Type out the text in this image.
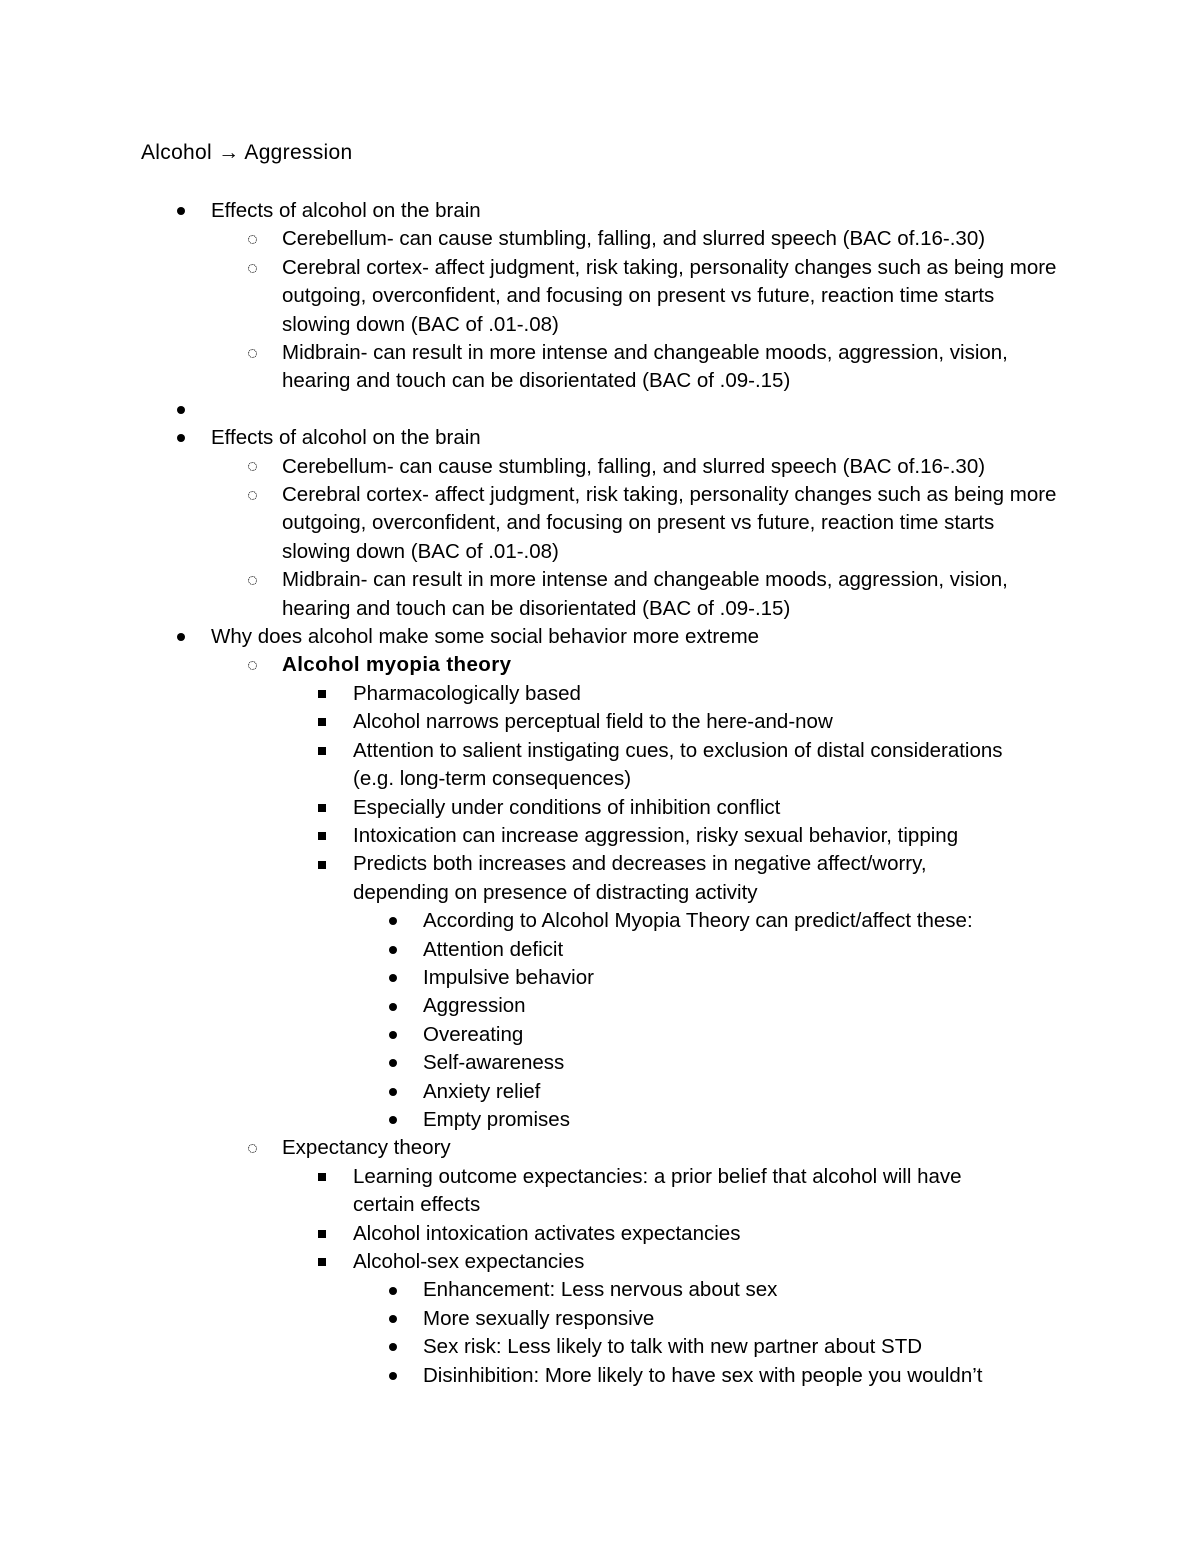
Alcohol → Aggression
Effects of alcohol on the brain
Cerebellum- can cause stumbling, falling, and slurred speech (BAC of.16-.30)
Cerebral cortex- affect judgment, risk taking, personality changes such as being more outgoing, overconfident, and focusing on present vs future, reaction time starts slowing down (BAC of .01-.08)
Midbrain- can result in more intense and changeable moods, aggression, vision, hearing and touch can be disorientated (BAC of .09-.15)
Effects of alcohol on the brain
Cerebellum- can cause stumbling, falling, and slurred speech (BAC of.16-.30)
Cerebral cortex- affect judgment, risk taking, personality changes such as being more outgoing, overconfident, and focusing on present vs future, reaction time starts slowing down (BAC of .01-.08)
Midbrain- can result in more intense and changeable moods, aggression, vision, hearing and touch can be disorientated (BAC of .09-.15)
Why does alcohol make some social behavior more extreme
Alcohol myopia theory
Pharmacologically based
Alcohol narrows perceptual field to the here-and-now
Attention to salient instigating cues, to exclusion of distal considerations (e.g. long-term consequences)
Especially under conditions of inhibition conflict
Intoxication can increase aggression, risky sexual behavior, tipping
Predicts both increases and decreases in negative affect/worry, depending on presence of distracting activity
According to Alcohol Myopia Theory can predict/affect these:
Attention deficit
Impulsive behavior
Aggression
Overeating
Self-awareness
Anxiety relief
Empty promises
Expectancy theory
Learning outcome expectancies: a prior belief that alcohol will have certain effects
Alcohol intoxication activates expectancies
Alcohol-sex expectancies
Enhancement: Less nervous about sex
More sexually responsive
Sex risk: Less likely to talk with new partner about STD
Disinhibition: More likely to have sex with people you wouldn’t
